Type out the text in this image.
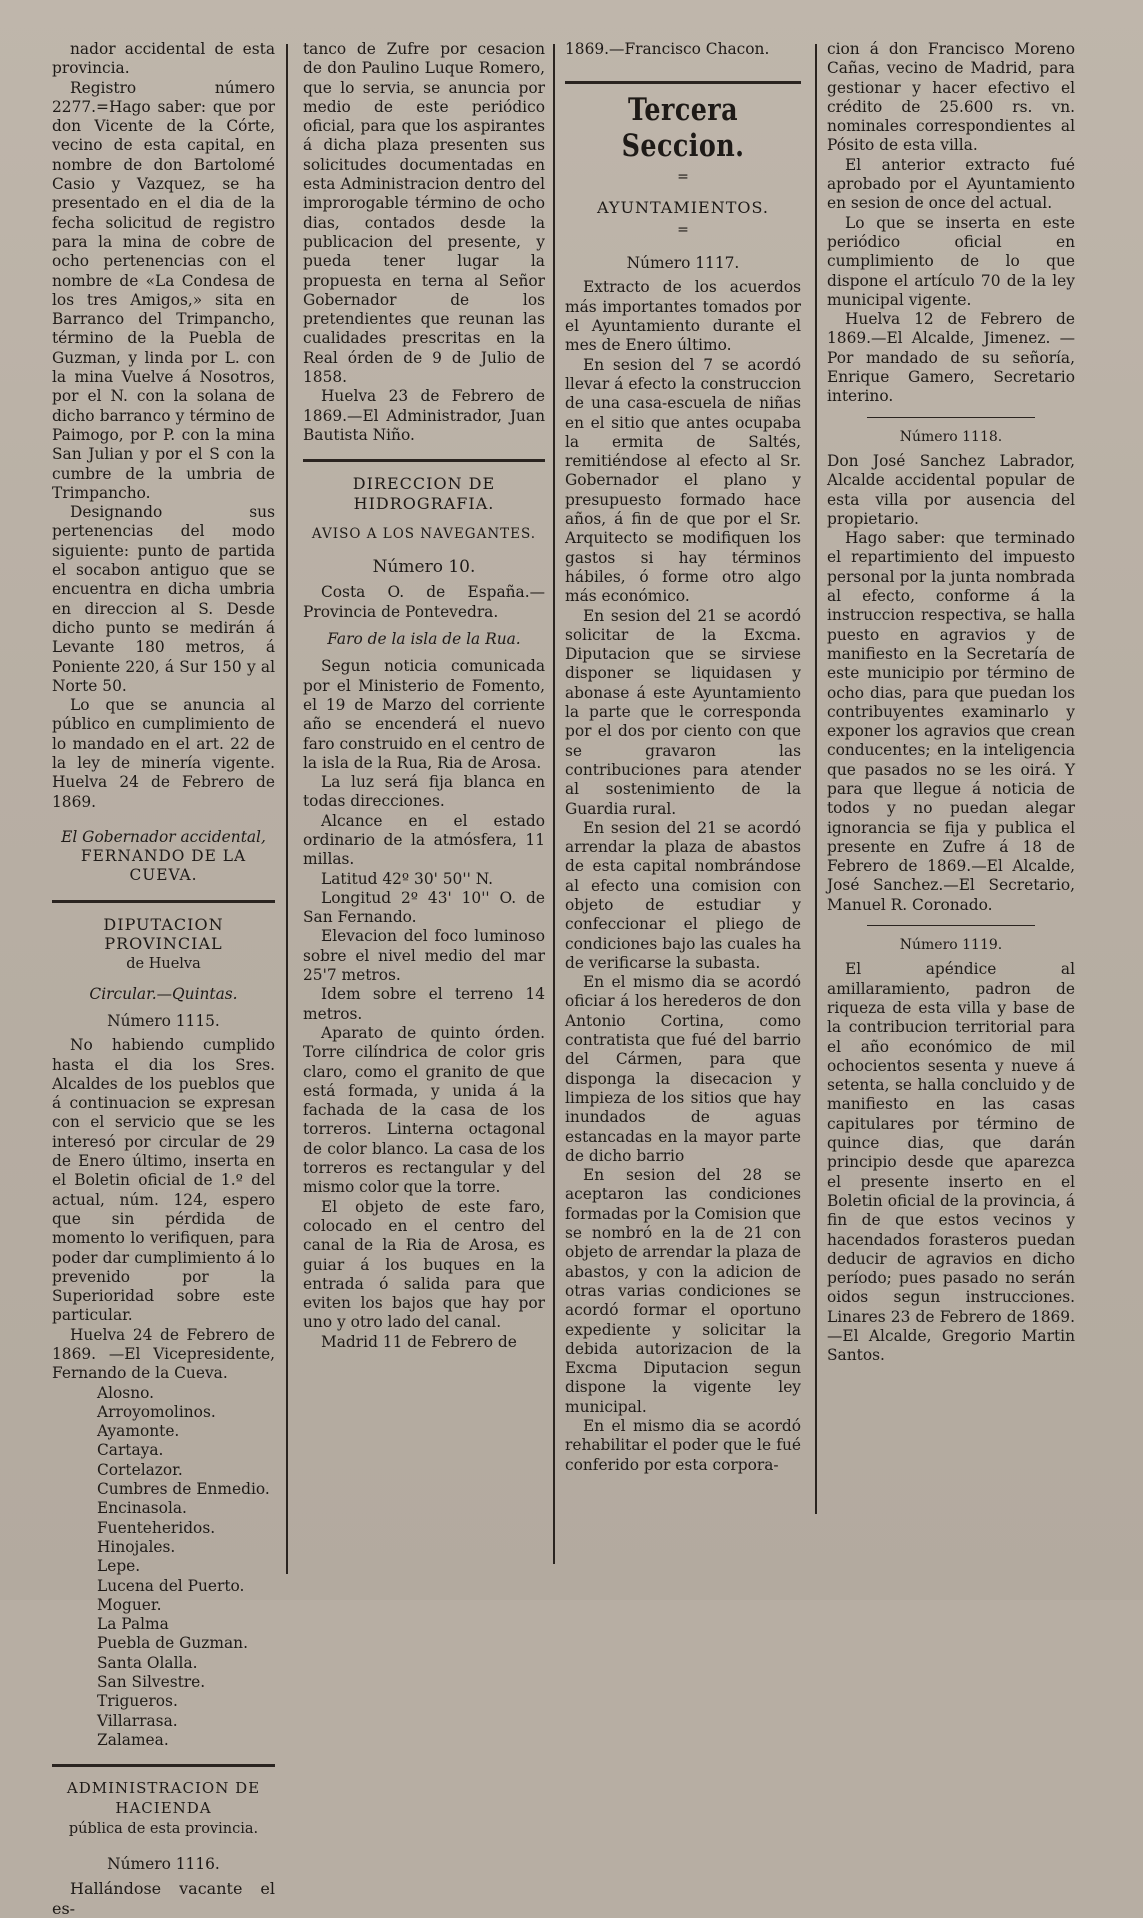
nador accidental de esta provincia.

Registro número 2277.=Hago saber: que por don Vicente de la Córte, vecino de esta capital, en nombre de don Bartolomé Casio y Vazquez, se ha presentado en el dia de la fecha solicitud de registro para la mina de cobre de ocho pertenencias con el nombre de «La Condesa de los tres Amigos,» sita en Barranco del Trimpancho, término de la Puebla de Guzman, y linda por L. con la mina Vuelve á Nosotros, por el N. con la solana de dicho barranco y término de Paimogo, por P. con la mina San Julian y por el S con la cumbre de la umbria de Trimpancho.

Designando sus pertenencias del modo siguiente: punto de partida el socabon antiguo que se encuentra en dicha umbria en direccion al S. Desde dicho punto se medirán á Levante 180 metros, á Poniente 220, á Sur 150 y al Norte 50.

Lo que se anuncia al público en cumplimiento de lo mandado en el art. 22 de la ley de minería vigente. Huelva 24 de Febrero de 1869.

El Gobernador accidental,

FERNANDO DE LA CUEVA.

DIPUTACION PROVINCIAL

de Huelva

Circular.—Quintas.

Número 1115.

No habiendo cumplido hasta el dia los Sres. Alcaldes de los pueblos que á continuacion se expresan con el servicio que se les interesó por circular de 29 de Enero último, inserta en el Boletin oficial de 1.º del actual, núm. 124, espero que sin pérdida de momento lo verifiquen, para poder dar cumplimiento á lo prevenido por la Superioridad sobre este particular.

Huelva 24 de Febrero de 1869. —El Vicepresidente, Fernando de la Cueva.

Alosno.
Arroyomolinos.
Ayamonte.
Cartaya.
Cortelazor.
Cumbres de Enmedio.
Encinasola.
Fuenteheridos.
Hinojales.
Lepe.
Lucena del Puerto.
Moguer.
La Palma
Puebla de Guzman.
Santa Olalla.
San Silvestre.
Trigueros.
Villarrasa.
Zalamea.

ADMINISTRACION DE HACIENDA

pública de esta provincia.

Número 1116.

Hallándose vacante el es-

tanco de Zufre por cesacion de don Paulino Luque Romero, que lo servia, se anuncia por medio de este periódico oficial, para que los aspirantes á dicha plaza presenten sus solicitudes documentadas en esta Administracion dentro del improrogable término de ocho dias, contados desde la publicacion del presente, y pueda tener lugar la propuesta en terna al Señor Gobernador de los pretendientes que reunan las cualidades prescritas en la Real órden de 9 de Julio de 1858.

Huelva 23 de Febrero de 1869.—El Administrador, Juan Bautista Niño.

DIRECCION DE HIDROGRAFIA.

AVISO A LOS NAVEGANTES.

Número 10.

Costa O. de España.—Provincia de Pontevedra.

Faro de la isla de la Rua.

Segun noticia comunicada por el Ministerio de Fomento, el 19 de Marzo del corriente año se encenderá el nuevo faro construido en el centro de la isla de la Rua, Ria de Arosa.

La luz será fija blanca en todas direcciones.

Alcance en el estado ordinario de la atmósfera, 11 millas.

Latitud 42º 30' 50'' N.

Longitud 2º 43' 10'' O. de San Fernando.

Elevacion del foco luminoso sobre el nivel medio del mar 25'7 metros.

Idem sobre el terreno 14 metros.

Aparato de quinto órden. Torre cilíndrica de color gris claro, como el granito de que está formada, y unida á la fachada de la casa de los torreros. Linterna octagonal de color blanco. La casa de los torreros es rectangular y del mismo color que la torre.

El objeto de este faro, colocado en el centro del canal de la Ria de Arosa, es guiar á los buques en la entrada ó salida para que eviten los bajos que hay por uno y otro lado del canal.

Madrid 11 de Febrero de

1869.—Francisco Chacon.

Tercera Seccion.

=

AYUNTAMIENTOS.

=

Número 1117.

Extracto de los acuerdos más importantes tomados por el Ayuntamiento durante el mes de Enero último.

En sesion del 7 se acordó llevar á efecto la construccion de una casa-escuela de niñas en el sitio que antes ocupaba la ermita de Saltés, remitiéndose al efecto al Sr. Gobernador el plano y presupuesto formado hace años, á fin de que por el Sr. Arquitecto se modifiquen los gastos si hay términos hábiles, ó forme otro algo más económico.

En sesion del 21 se acordó solicitar de la Excma. Diputacion que se sirviese disponer se liquidasen y abonase á este Ayuntamiento la parte que le corresponda por el dos por ciento con que se gravaron las contribuciones para atender al sostenimiento de la Guardia rural.

En sesion del 21 se acordó arrendar la plaza de abastos de esta capital nombrándose al efecto una comision con objeto de estudiar y confeccionar el pliego de condiciones bajo las cuales ha de verificarse la subasta.

En el mismo dia se acordó oficiar á los herederos de don Antonio Cortina, como contratista que fué del barrio del Cármen, para que disponga la disecacion y limpieza de los sitios que hay inundados de aguas estancadas en la mayor parte de dicho barrio

En sesion del 28 se aceptaron las condiciones formadas por la Comision que se nombró en la de 21 con objeto de arrendar la plaza de abastos, y con la adicion de otras varias condiciones se acordó formar el oportuno expediente y solicitar la debida autorizacion de la Excma Diputacion segun dispone la vigente ley municipal.

En el mismo dia se acordó rehabilitar el poder que le fué conferido por esta corpora-

cion á don Francisco Moreno Cañas, vecino de Madrid, para gestionar y hacer efectivo el crédito de 25.600 rs. vn. nominales correspondientes al Pósito de esta villa.

El anterior extracto fué aprobado por el Ayuntamiento en sesion de once del actual.

Lo que se inserta en este periódico oficial en cumplimiento de lo que dispone el artículo 70 de la ley municipal vigente.

Huelva 12 de Febrero de 1869.—El Alcalde, Jimenez. —Por mandado de su señoría, Enrique Gamero, Secretario interino.

Número 1118.

Don José Sanchez Labrador, Alcalde accidental popular de esta villa por ausencia del propietario.

Hago saber: que terminado el repartimiento del impuesto personal por la junta nombrada al efecto, conforme á la instruccion respectiva, se halla puesto en agravios y de manifiesto en la Secretaría de este municipio por término de ocho dias, para que puedan los contribuyentes examinarlo y exponer los agravios que crean conducentes; en la inteligencia que pasados no se les oirá. Y para que llegue á noticia de todos y no puedan alegar ignorancia se fija y publica el presente en Zufre á 18 de Febrero de 1869.—El Alcalde, José Sanchez.—El Secretario, Manuel R. Coronado.

Número 1119.

El apéndice al amillaramiento, padron de riqueza de esta villa y base de la contribucion territorial para el año económico de mil ochocientos sesenta y nueve á setenta, se halla concluido y de manifiesto en las casas capitulares por término de quince dias, que darán principio desde que aparezca el presente inserto en el Boletin oficial de la provincia, á fin de que estos vecinos y hacendados forasteros puedan deducir de agravios en dicho período; pues pasado no serán oidos segun instrucciones. Linares 23 de Febrero de 1869.—El Alcalde, Gregorio Martin Santos.
